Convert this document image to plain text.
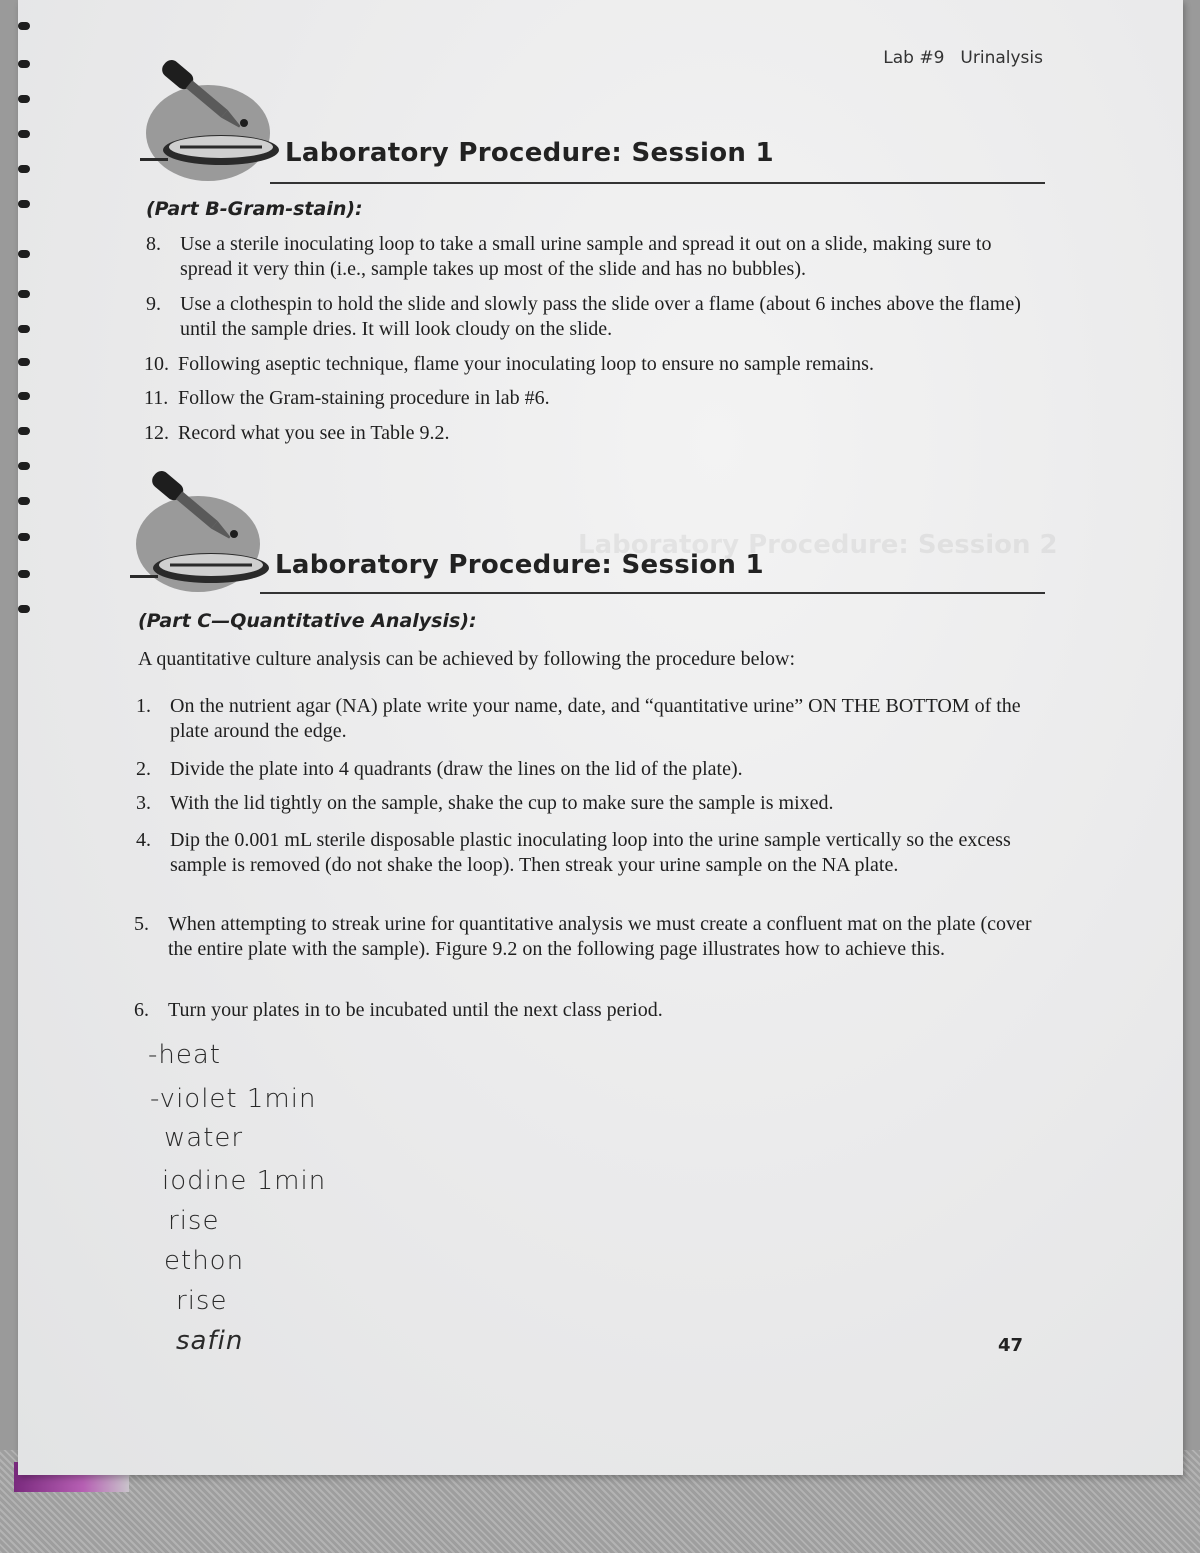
Laboratory Procedure: Session 2
Lab #9 Urinalysis
Laboratory Procedure: Session 1
(Part B-Gram-stain):
8. Use a sterile inoculating loop to take a small urine sample and spread it out on a slide, making sure to spread it very thin (i.e., sample takes up most of the slide and has no bubbles).
9. Use a clothespin to hold the slide and slowly pass the slide over a flame (about 6 inches above the flame) until the sample dries. It will look cloudy on the slide.
10. Following aseptic technique, flame your inoculating loop to ensure no sample remains.
11. Follow the Gram-staining procedure in lab #6.
12. Record what you see in Table 9.2.
Laboratory Procedure: Session 1
(Part C—Quantitative Analysis):
A quantitative culture analysis can be achieved by following the procedure below:
1. On the nutrient agar (NA) plate write your name, date, and “quantitative urine” ON THE BOTTOM of the plate around the edge.
2. Divide the plate into 4 quadrants (draw the lines on the lid of the plate).
3. With the lid tightly on the sample, shake the cup to make sure the sample is mixed.
4. Dip the 0.001 mL sterile disposable plastic inoculating loop into the urine sample vertically so the excess sample is removed (do not shake the loop). Then streak your urine sample on the NA plate.
5. When attempting to streak urine for quantitative analysis we must create a confluent mat on the plate (cover the entire plate with the sample). Figure 9.2 on the following page illustrates how to achieve this.
6. Turn your plates in to be incubated until the next class period.
-heat
-violet 1min
water
iodine 1min
rise
ethon
rise
safin	47
